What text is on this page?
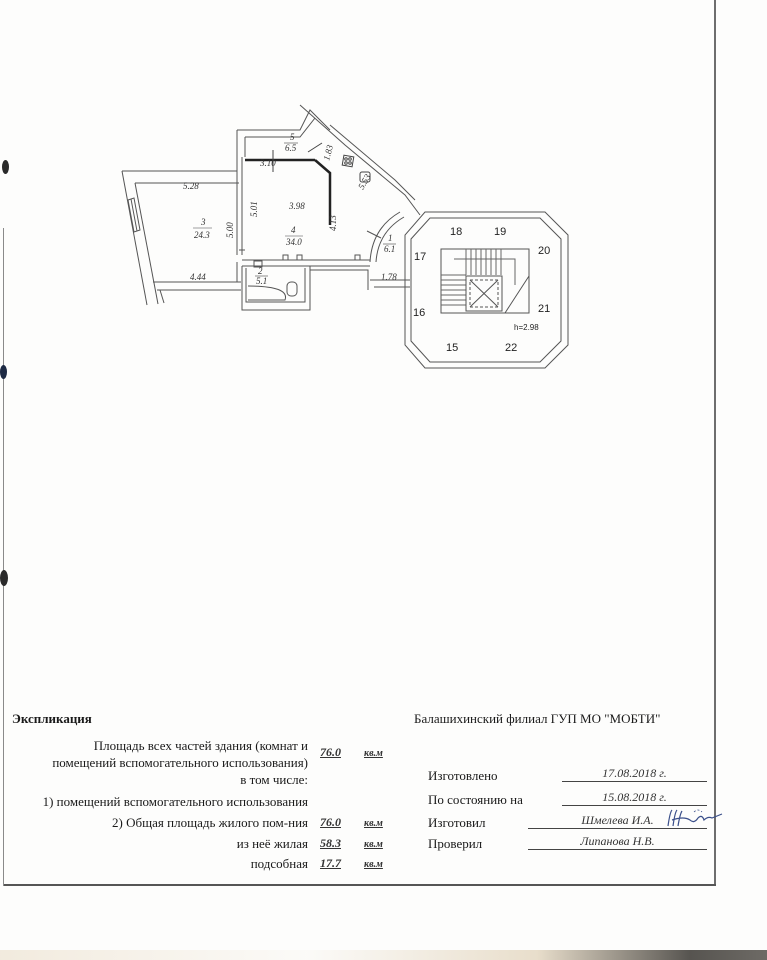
18	19
20
17
16	21
15	22
h=2.98
3
24.3	4
34.0
5
6.5
1
6.1
2
5.1
5.28
4.44
3.98
3.10
1.78
5.00
5.01
4.13
1.83
5.53
Экспликация	Балашихинский филиал ГУП МО "МОБТИ"
Площадь всех частей здания (комнат и
помещений вспомогательного использования)
76.0 кв.м
в том числе:
1) помещений вспомогательного использования
2) Общая площадь жилого пом-ния 76.0 кв.м
из неё жилая 58.3 кв.м
подсобная 17.7 кв.м
Изготовлено	17.08.2018 г.
По состоянию на	15.08.2018 г.
Изготовил	Шмелева И.А.
Проверил	Липанова Н.В.
